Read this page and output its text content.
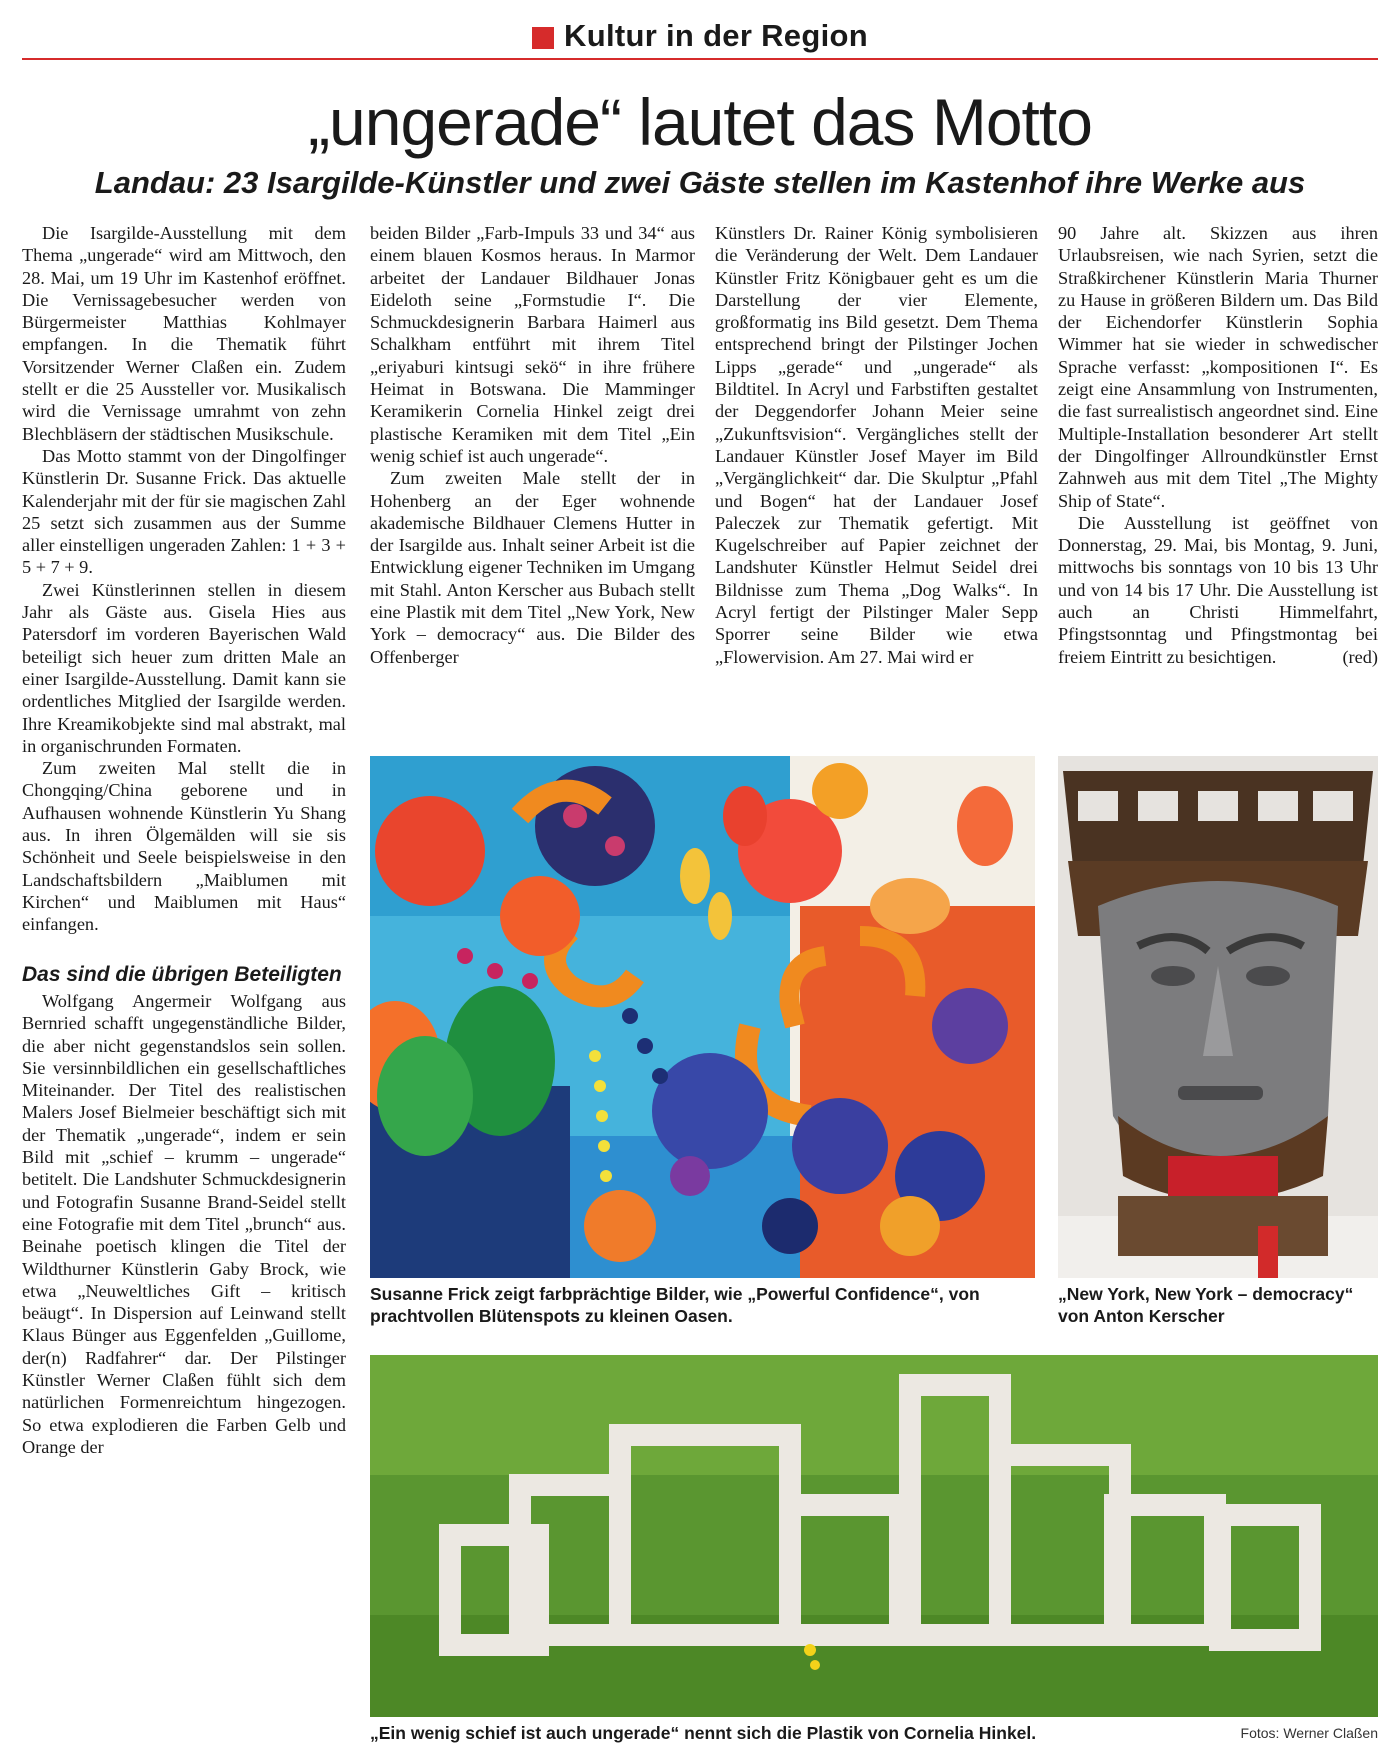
Kultur in der Region
„ungerade“ lautet das Motto
Landau: 23 Isargilde-Künstler und zwei Gäste stellen im Kastenhof ihre Werke aus

Die Isargilde-Ausstellung mit dem Thema „ungerade“ wird am Mittwoch, den 28. Mai, um 19 Uhr im Kastenhof eröffnet. Die Vernissagebesucher werden von Bürgermeister Matthias Kohlmayer empfangen. In die Thematik führt Vorsitzender Werner Claßen ein. Zudem stellt er die 25 Aussteller vor. Musikalisch wird die Vernissage umrahmt von zehn Blechbläsern der städtischen Musikschule.

Das Motto stammt von der Dingolfinger Künstlerin Dr. Susanne Frick. Das aktuelle Kalenderjahr mit der für sie magischen Zahl 25 setzt sich zusammen aus der Summe aller einstelligen ungeraden Zahlen: 1 + 3 + 5 + 7 + 9.

Zwei Künstlerinnen stellen in diesem Jahr als Gäste aus. Gisela Hies aus Patersdorf im vorderen Bayerischen Wald beteiligt sich heuer zum dritten Male an einer Isargilde-Ausstellung. Damit kann sie ordentliches Mitglied der Isargilde werden. Ihre Kreamikobjekte sind mal abstrakt, mal in organischrunden Formaten.

Zum zweiten Mal stellt die in Chongqing/China geborene und in Aufhausen wohnende Künstlerin Yu Shang aus. In ihren Ölgemälden will sie sis Schönheit und Seele beispielsweise in den Landschaftsbildern „Maiblumen mit Kirchen“ und Maiblumen mit Haus“ einfangen.

Das sind die übrigen Beteiligten

Wolfgang Angermeir Wolfgang aus Bernried schafft ungegenständliche Bilder, die aber nicht gegenstandslos sein sollen. Sie versinnbildlichen ein gesellschaftliches Miteinander. Der Titel des realistischen Malers Josef Bielmeier beschäftigt sich mit der Thematik „ungerade“, indem er sein Bild mit „schief – krumm – ungerade“ betitelt. Die Landshuter Schmuckdesignerin und Fotografin Susanne Brand-Seidel stellt eine Fotografie mit dem Titel „brunch“ aus. Beinahe poetisch klingen die Titel der Wildthurner Künstlerin Gaby Brock, wie etwa „Neuweltliches Gift – kritisch beäugt“. In Dispersion auf Leinwand stellt Klaus Bünger aus Eggenfelden „Guillome, der(n) Radfahrer“ dar. Der Pilstinger Künstler Werner Claßen fühlt sich dem natürlichen Formenreichtum hingezogen. So etwa explodieren die Farben Gelb und Orange der

beiden Bilder „Farb-Impuls 33 und 34“ aus einem blauen Kosmos heraus. In Marmor arbeitet der Landauer Bildhauer Jonas Eideloth seine „Formstudie I“. Die Schmuckdesignerin Barbara Haimerl aus Schalkham entführt mit ihrem Titel „eriyaburi kintsugi sekö“ in ihre frühere Heimat in Botswana. Die Mamminger Keramikerin Cornelia Hinkel zeigt drei plastische Keramiken mit dem Titel „Ein wenig schief ist auch ungerade“.

Zum zweiten Male stellt der in Hohenberg an der Eger wohnende akademische Bildhauer Clemens Hutter in der Isargilde aus. Inhalt seiner Arbeit ist die Entwicklung eigener Techniken im Umgang mit Stahl. Anton Kerscher aus Bubach stellt eine Plastik mit dem Titel „New York, New York – democracy“ aus. Die Bilder des Offenberger

Künstlers Dr. Rainer König symbolisieren die Veränderung der Welt. Dem Landauer Künstler Fritz Königbauer geht es um die Darstellung der vier Elemente, großformatig ins Bild gesetzt. Dem Thema entsprechend bringt der Pilstinger Jochen Lipps „gerade“ und „ungerade“ als Bildtitel. In Acryl und Farbstiften gestaltet der Deggendorfer Johann Meier seine „Zukunftsvision“. Vergängliches stellt der Landauer Künstler Josef Mayer im Bild „Vergänglichkeit“ dar. Die Skulptur „Pfahl und Bogen“ hat der Landauer Josef Paleczek zur Thematik gefertigt. Mit Kugelschreiber auf Papier zeichnet der Landshuter Künstler Helmut Seidel drei Bildnisse zum Thema „Dog Walks“. In Acryl fertigt der Pilstinger Maler Sepp Sporrer seine Bilder wie etwa „Flowervision. Am 27. Mai wird er

90 Jahre alt. Skizzen aus ihren Urlaubsreisen, wie nach Syrien, setzt die Straßkirchener Künstlerin Maria Thurner zu Hause in größeren Bildern um. Das Bild der Eichendorfer Künstlerin Sophia Wimmer hat sie wieder in schwedischer Sprache verfasst: „kompositionen I“. Es zeigt eine Ansammlung von Instrumenten, die fast surrealistisch angeordnet sind. Eine Multiple-Installation besonderer Art stellt der Dingolfinger Allroundkünstler Ernst Zahnweh aus mit dem Titel „The Mighty Ship of State“.

Die Ausstellung ist geöffnet von Donnerstag, 29. Mai, bis Montag, 9. Juni, mittwochs bis sonntags von 10 bis 13 Uhr und von 14 bis 17 Uhr. Die Ausstellung ist auch an Christi Himmelfahrt, Pfingstsonntag und Pfingstmontag bei freiem Eintritt zu besichtigen.	(red)

Susanne Frick zeigt farbprächtige Bilder, wie „Powerful Confidence“, von prachtvollen Blütenspots zu kleinen Oasen.
„New York, New York – democracy“ von Anton Kerscher
„Ein wenig schief ist auch ungerade“ nennt sich die Plastik von Cornelia Hinkel.	Fotos: Werner Claßen
